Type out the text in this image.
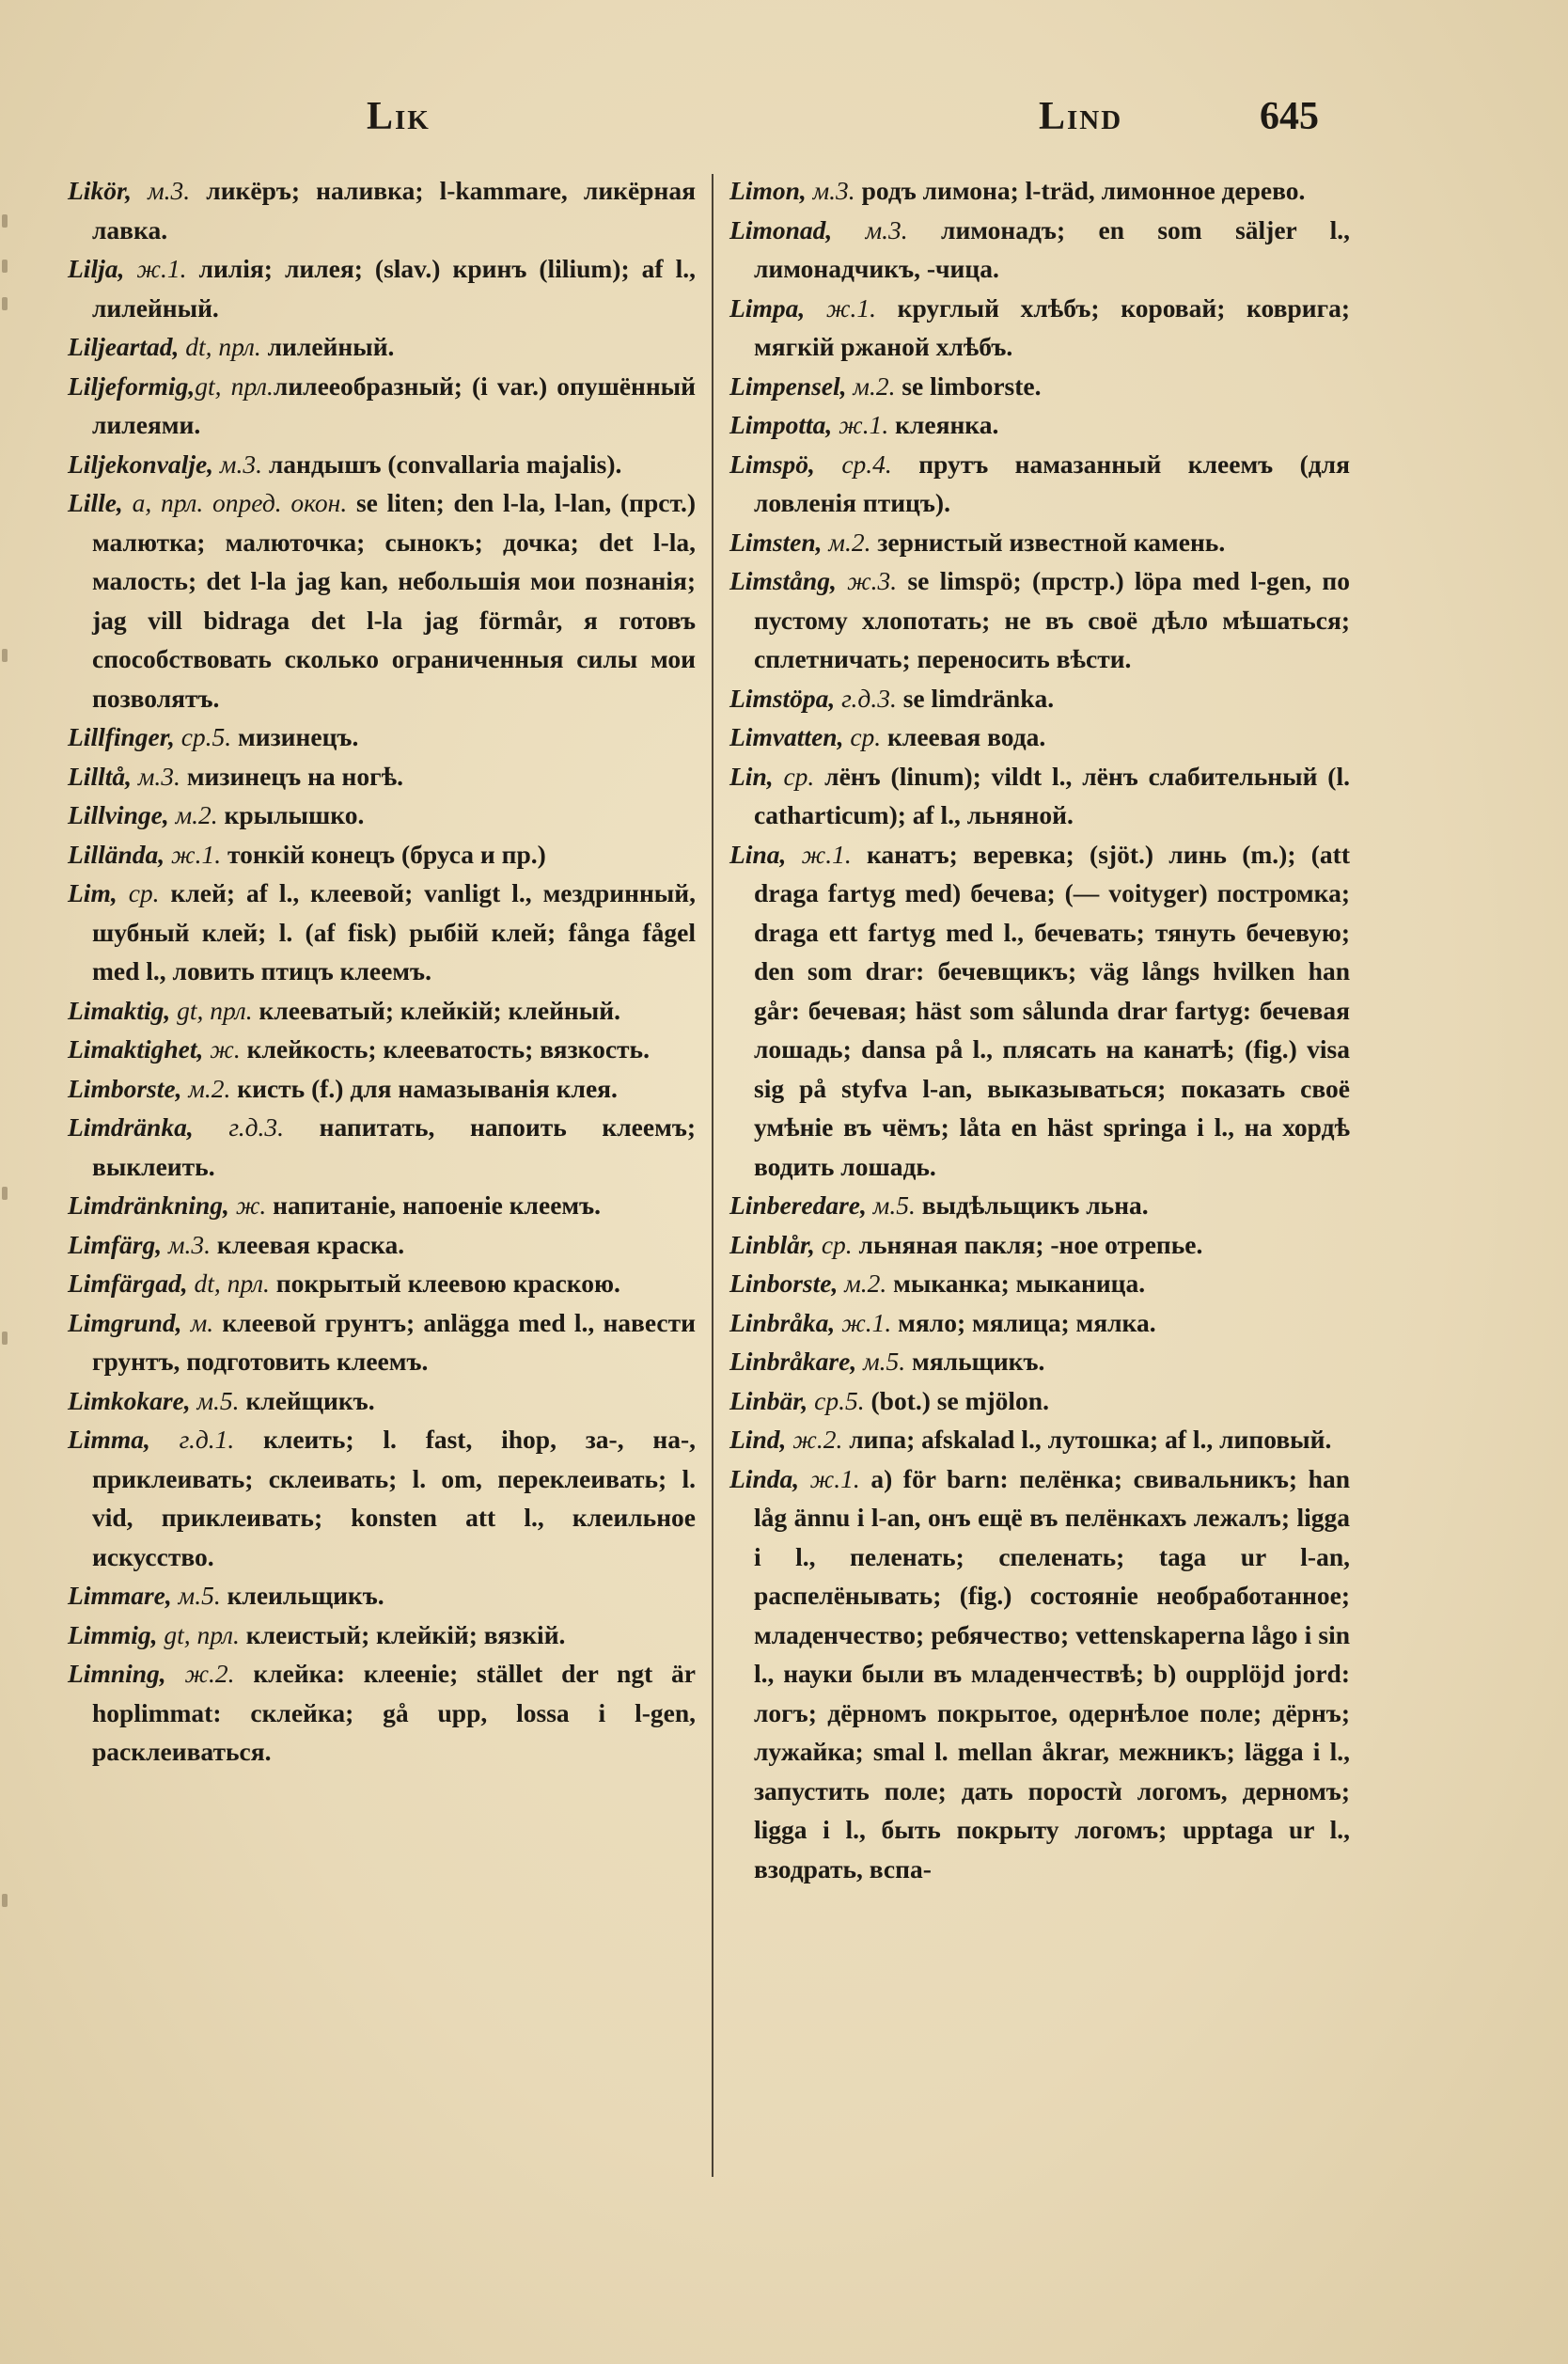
Lik	Lind	645

Likör, м.3. ликёръ; наливка; l-kammare, ликёрная лавка.

Lilja, ж.1. лилія; лилея; (slav.) кринъ (lilium); af l., лилейный.

Liljeartad, dt, прл. лилейный.

Liljeformig,gt, прл.лилееобразный; (i var.) опушённый лилеями.

Liljekonvalje, м.3. ландышъ (convallaria majalis).

Lille, a, прл. опред. окон. se liten; den l-la, l-lan, (прст.) малютка; малюточка; сынокъ; дочка; det l-la, малость; det l-la jag kan, небольшія мои познанія; jag vill bidraga det l-la jag förmår, я готовъ способствовать сколько ограниченныя силы мои позволятъ.

Lillfinger, ср.5. мизинецъ.

Lilltå, м.3. мизинецъ на ногѣ.

Lillvinge, м.2. крылышко.

Lillända, ж.1. тонкій конецъ (бруса и пр.)

Lim, ср. клей; af l., клеевой; vanligt l., мездринный, шубный клей; l. (af fisk) рыбій клей; fånga fågel med l., ловить птицъ клеемъ.

Limaktig, gt, прл. клееватый; клейкій; клейный.

Limaktighet, ж. клейкость; клееватость; вязкость.

Limborste, м.2. кисть (f.) для намазыванія клея.

Limdränka, г.д.3. напитать, напоить клеемъ; выклеить.

Limdränkning, ж. напитаніе, напоеніе клеемъ.

Limfärg, м.3. клеевая краска.

Limfärgad, dt, прл. покрытый клеевою краскою.

Limgrund, м. клеевой грунтъ; anlägga med l., навести грунтъ, подготовить клеемъ.

Limkokare, м.5. клейщикъ.

Limma, г.д.1. клеить; l. fast, ihop, за-, на-, приклеивать; склеивать; l. om, переклеивать; l. vid, приклеивать; konsten att l., клеильное искусство.

Limmare, м.5. клеильщикъ.

Limmig, gt, прл. клеистый; клейкій; вязкій.

Limning, ж.2. клейка: клееніе; stället der ngt är hoplimmat: склейка; gå upp, lossa i l-gen, расклеиваться.

Limon, м.3. родъ лимона; l-träd, лимонное дерево.

Limonad, м.3. лимонадъ; en som säljer l., лимонадчикъ, -чица.

Limpa, ж.1. круглый хлѣбъ; коровай; коврига; мягкій ржаной хлѣбъ.

Limpensel, м.2. se limborste.

Limpotta, ж.1. клеянка.

Limspö, ср.4. прутъ намазанный клеемъ (для ловленія птицъ).

Limsten, м.2. зернистый известной камень.

Limstång, ж.3. se limspö; (прстр.) löpa med l-gen, по пустому хлопотать; не въ своё дѣло мѣшаться; сплетничать; переносить вѣсти.

Limstöpa, г.д.3. se limdränka.

Limvatten, ср. клеевая вода.

Lin, ср. лёнъ (linum); vildt l., лёнъ слабительный (l. catharticum); af l., льняной.

Lina, ж.1. канатъ; веревка; (sjöt.) линь (m.); (att draga fartyg med) бечева; (— voityger) постромка; draga ett fartyg med l., бечевать; тянуть бечевую; den som drar: бечевщикъ; väg långs hvilken han går: бечевая; häst som sålunda drar fartyg: бечевая лошадь; dansa på l., плясать на канатѣ; (fig.) visa sig på styfva l-an, выказываться; показать своё умѣніе въ чёмъ; låta en häst springa i l., на хордѣ водить лошадь.

Linberedare, м.5. выдѣльщикъ льна.

Linblår, ср. льняная пакля; -ное отрепье.

Linborste, м.2. мыканка; мыканица.

Linbråka, ж.1. мяло; мялица; мялка.

Linbråkare, м.5. мяльщикъ.

Linbär, ср.5. (bot.) se mjölon.

Lind, ж.2. липа; afskalad l., лутошка; af l., липовый.

Linda, ж.1. a) för barn: пелёнка; свивальникъ; han låg ännu i l-an, онъ ещё въ пелёнкахъ лежалъ; ligga i l., пеленать; спеленать; taga ur l-an, распелёнывать; (fig.) состояніе необработанное; младенчество; ребячество; vettenskaperna lågo i sin l., науки были въ младенчествѣ; b) oupplöjd jord: логъ; дёрномъ покрытое, одернѣлое поле; дёрнъ; лужайка; smal l. mellan åkrar, межникъ; lägga i l., запустить поле; дать поростѝ логомъ, дерномъ; ligga i l., быть покрыту логомъ; upptaga ur l., взодрать, вспа-
